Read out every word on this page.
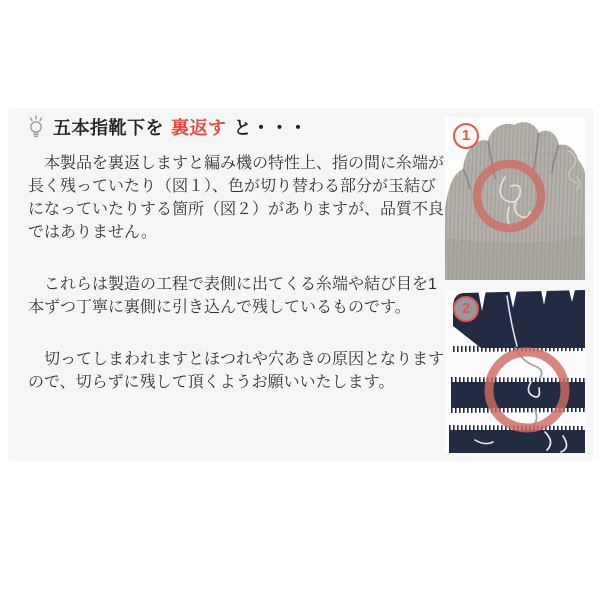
五本指靴下を 裏返す と・・・

　本製品を裏返しますと編み機の特性上、指の間に糸端が長く残っていたり（図１）、色が切り替わる部分が玉結びになっていたりする箇所（図２）がありますが、品質不良ではありません。

　これらは製造の工程で表側に出てくる糸端や結び目を1本ずつ丁寧に裏側に引き込んで残しているものです。

　切ってしまわれますとほつれや穴あきの原因となりますので、切らずに残して頂くようお願いいたします。

1
2
